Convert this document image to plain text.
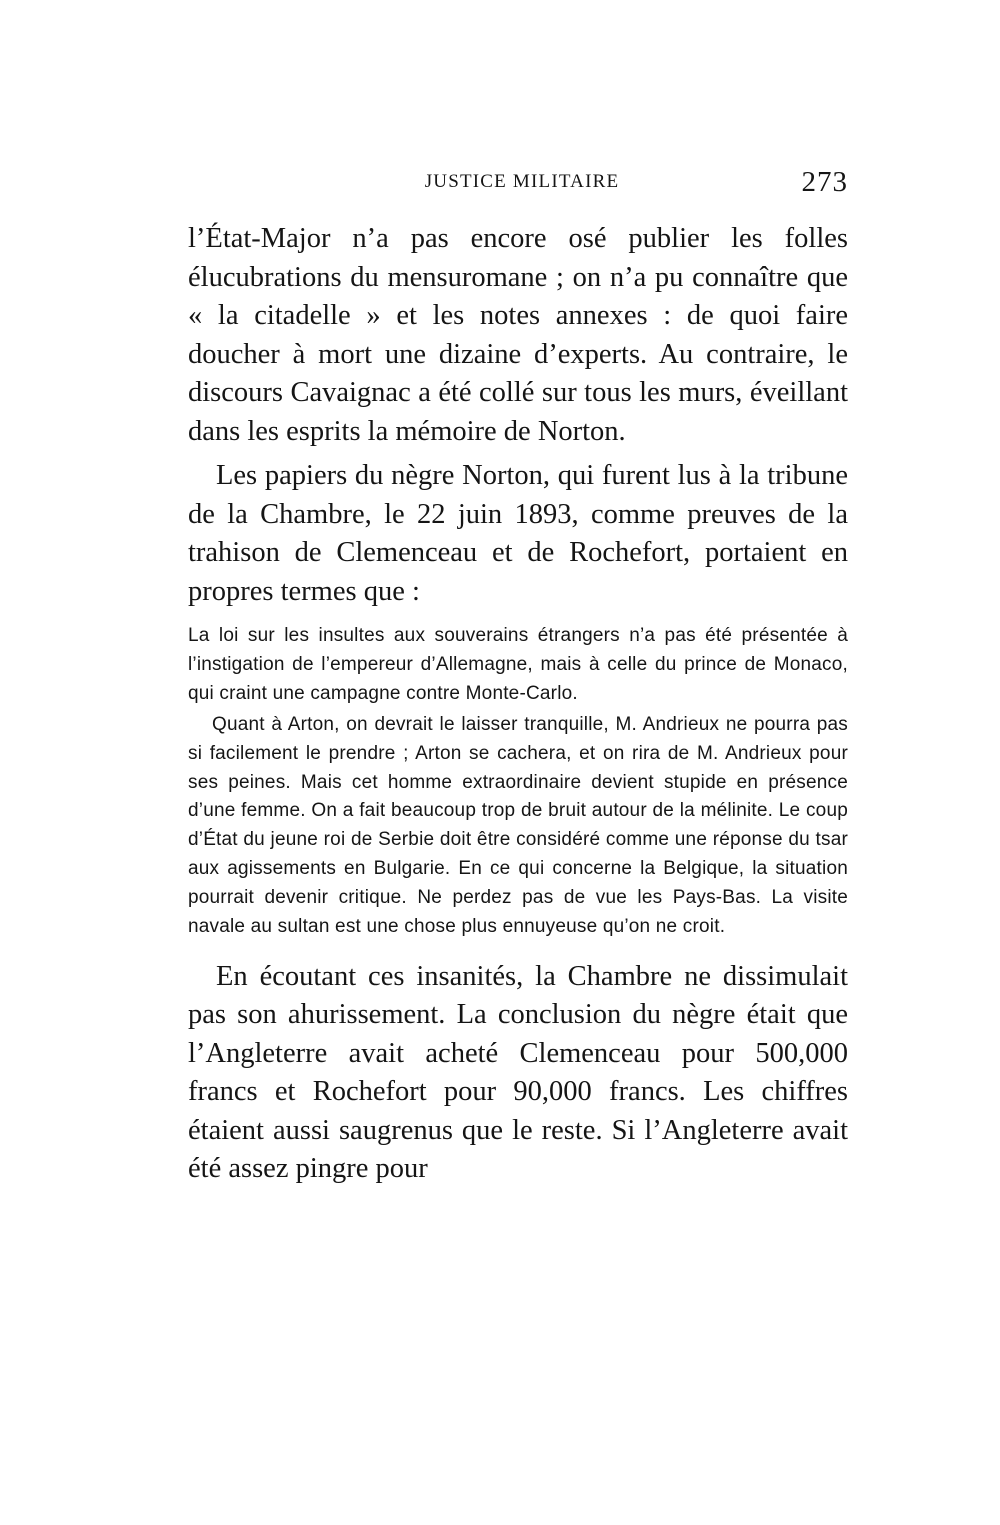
JUSTICE MILITAIRE	273

l’État-Major n’a pas encore osé publier les folles élucubrations du mensuromane ; on n’a pu connaître que « la citadelle » et les notes annexes : de quoi faire doucher à mort une dizaine d’experts. Au contraire, le discours Cavaignac a été collé sur tous les murs, éveillant dans les esprits la mémoire de Norton.

Les papiers du nègre Norton, qui furent lus à la tribune de la Chambre, le 22 juin 1893, comme preuves de la trahison de Clemenceau et de Rochefort, portaient en propres termes que :

La loi sur les insultes aux souverains étrangers n’a pas été présentée à l’instigation de l’empereur d’Allemagne, mais à celle du prince de Monaco, qui craint une campagne contre Monte-Carlo.

Quant à Arton, on devrait le laisser tranquille, M. Andrieux ne pourra pas si facilement le prendre ; Arton se cachera, et on rira de M. Andrieux pour ses peines. Mais cet homme extraordinaire devient stupide en présence d’une femme. On a fait beaucoup trop de bruit autour de la mélinite. Le coup d’État du jeune roi de Serbie doit être considéré comme une réponse du tsar aux agissements en Bulgarie. En ce qui concerne la Belgique, la situation pourrait devenir critique. Ne perdez pas de vue les Pays-Bas. La visite navale au sultan est une chose plus ennuyeuse qu’on ne croit.

En écoutant ces insanités, la Chambre ne dissimulait pas son ahurissement. La conclusion du nègre était que l’Angleterre avait acheté Clemenceau pour 500,000 francs et Rochefort pour 90,000 francs. Les chiffres étaient aussi saugrenus que le reste. Si l’Angleterre avait été assez pingre pour
